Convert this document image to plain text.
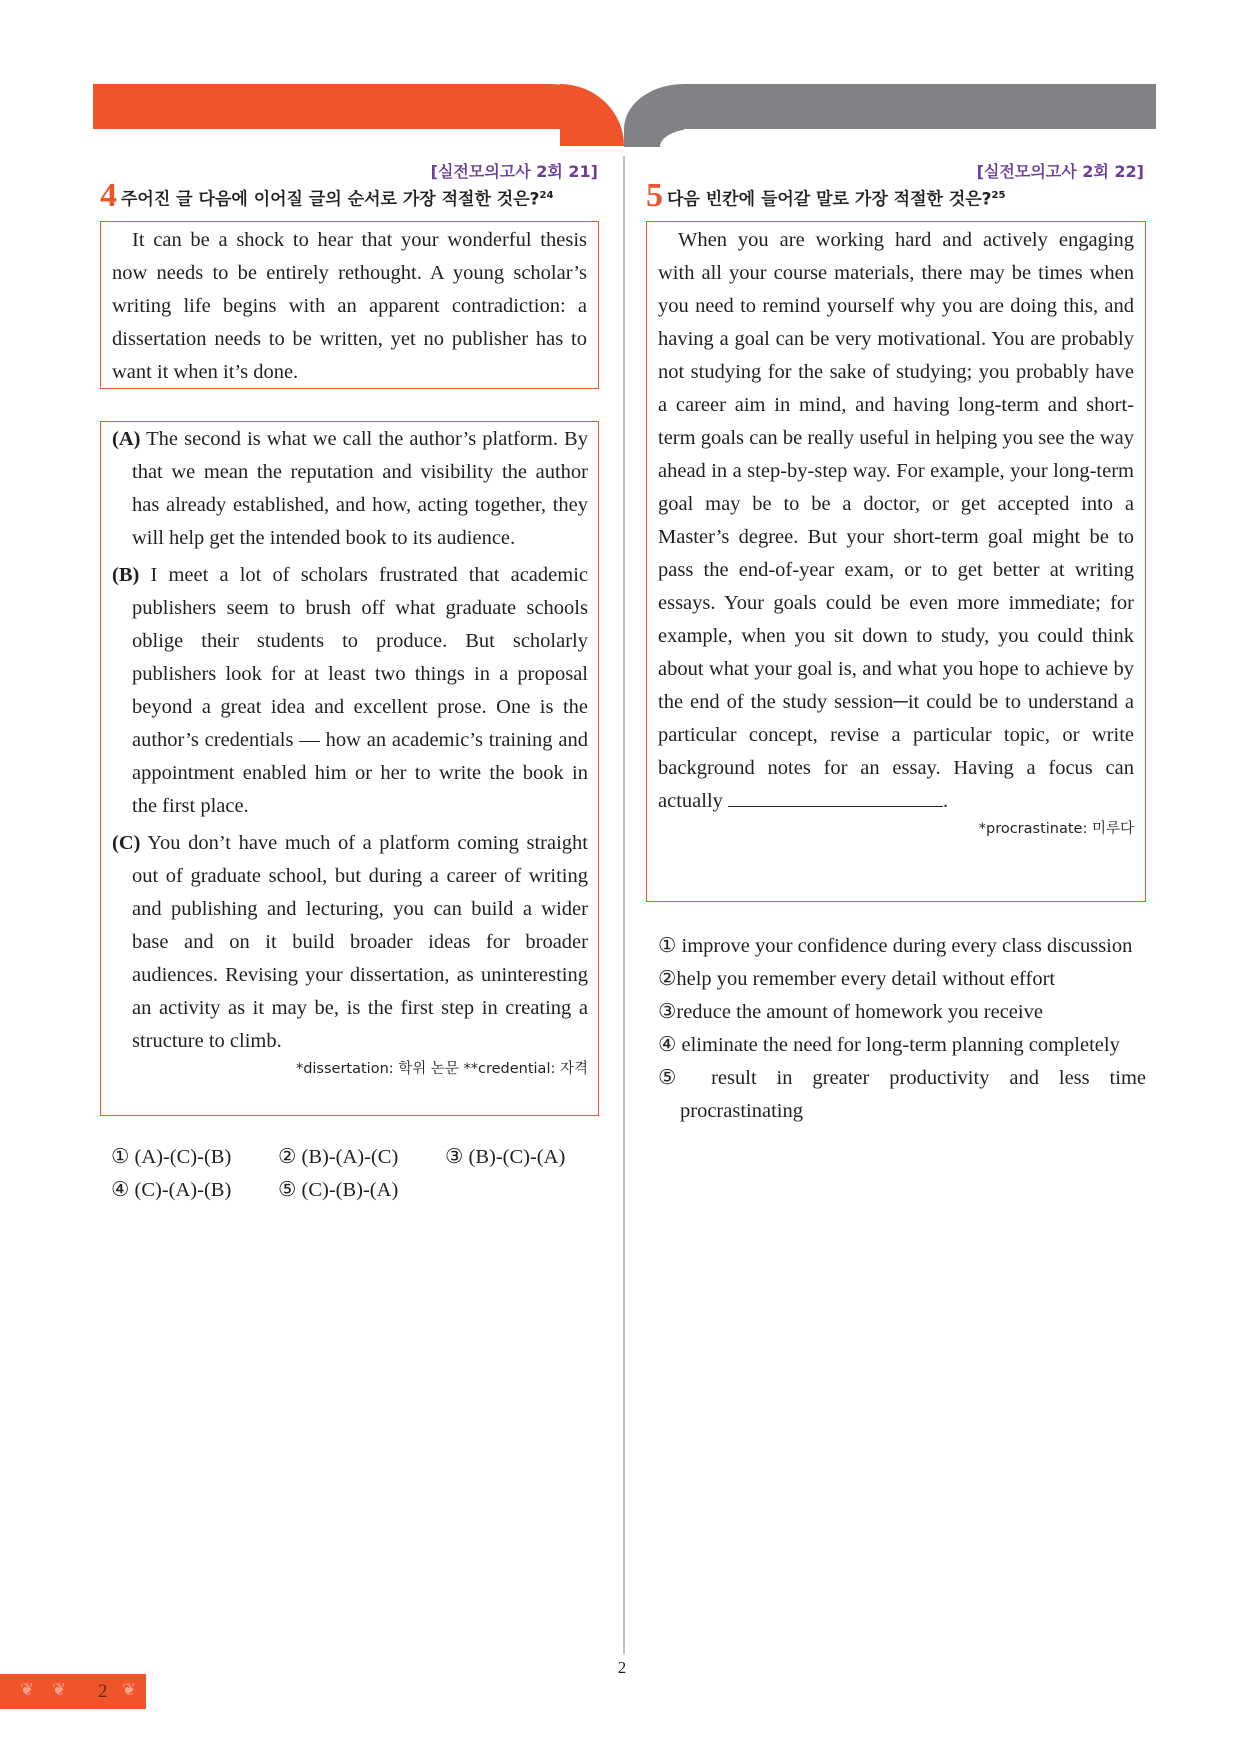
[실전모의고사 2회 21]
4 주어진 글 다음에 이어질 글의 순서로 가장 적절한 것은?$^{24}$

It can be a shock to hear that your wonderful thesis now needs to be entirely rethought. A young scholar’s writing life begins with an apparent contradiction: a dissertation needs to be written, yet no publisher has to want it when it’s done.

(A) The second is what we call the author’s platform. By that we mean the reputation and visibility the author has already established, and how, acting together, they will help get the intended book to its audience.

(B) I meet a lot of scholars frustrated that academic publishers seem to brush off what graduate schools oblige their students to produce. But scholarly publishers look for at least two things in a proposal beyond a great idea and excellent prose. One is the author’s credentials — how an academic’s training and appointment enabled him or her to write the book in the first place.

(C) You don’t have much of a platform coming straight out of graduate school, but during a career of writing and publishing and lecturing, you can build a wider base and on it build broader ideas for broader audiences. Revising your dissertation, as uninteresting an activity as it may be, is the first step in creating a structure to climb.

*dissertation: 학위 논문 **credential: 자격
① (A)-(C)-(B)	② (B)-(A)-(C)	③ (B)-(C)-(A)
④ (C)-(A)-(B)	⑤ (C)-(B)-(A)
[실전모의고사 2회 22]
5 다음 빈칸에 들어갈 말로 가장 적절한 것은?$^{25}$

When you are working hard and actively engaging with all your course materials, there may be times when you need to remind yourself why you are doing this, and having a goal can be very motivational. You are probably not studying for the sake of studying; you probably have a career aim in mind, and having long-term and short-term goals can be really useful in helping you see the way ahead in a step-by-step way. For example, your long-term goal may be to be a doctor, or get accepted into a Master’s degree. But your short-term goal might be to pass the end-of-year exam, or to get better at writing essays. Your goals could be even more immediate; for example, when you sit down to study, you could think about what your goal is, and what you hope to achieve by the end of the study session─it could be to understand a particular concept, revise a particular topic, or write background notes for an essay. Having a focus can actually	.

*procrastinate: 미루다
① improve your confidence during every class discussion
②help you remember every detail without effort
③reduce the amount of homework you receive
④ eliminate the need for long-term planning completely
⑤ result in greater productivity and less time procrastinating
2
2
❦ ❦	❦
